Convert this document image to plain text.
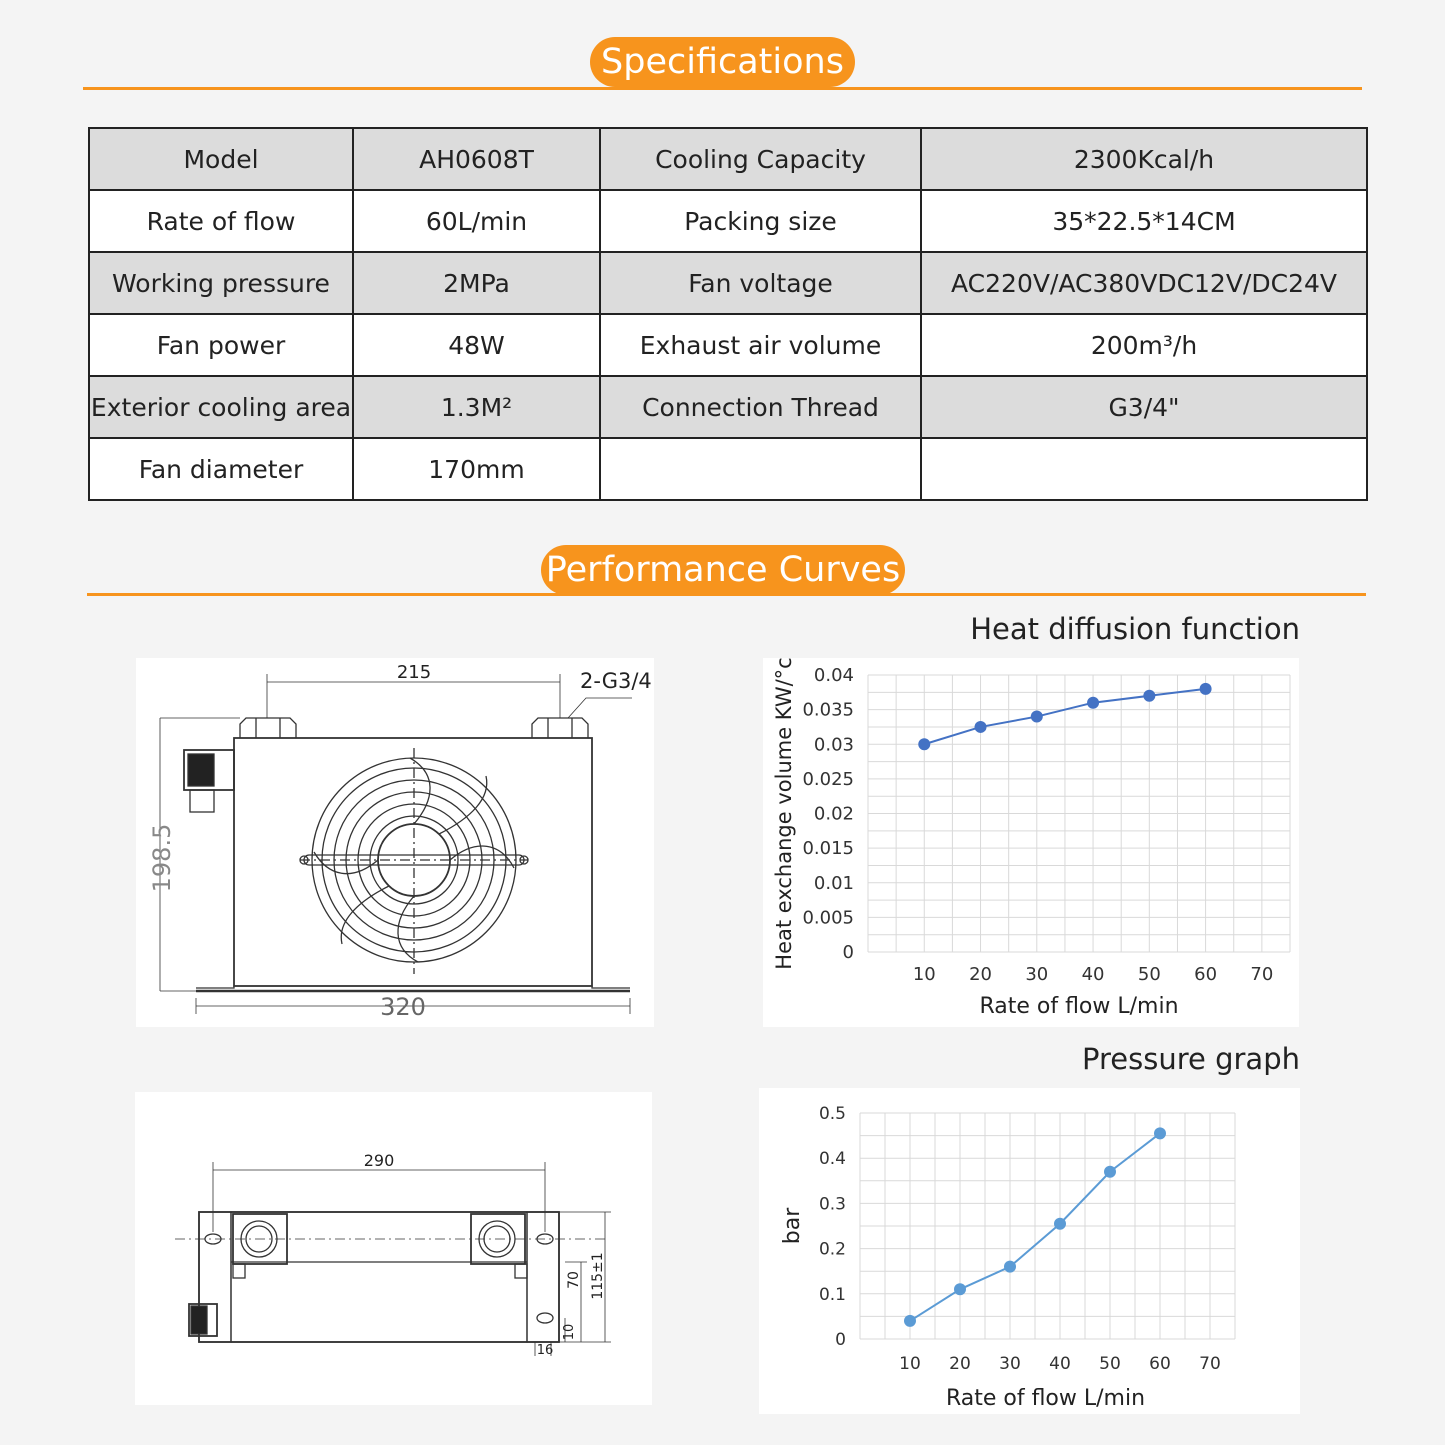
Specifications
Model	AH0608T	Cooling Capacity	2300Kcal/h
Rate of flow	60L/min	Packing size	35*22.5*14CM
Working pressure	2MPa	Fan voltage	AC220V/AC380VDC12V/DC24V
Fan power	48W	Exhaust air volume	200m³/h
Exterior cooling area	1.3M²	Connection Thread	G3/4"
Fan diameter	170mm		
Performance Curves
215	2-G3/4
198.5
320
290
70 115±1
10
16
Heat diffusion function
0
0.005
0.01
0.015
0.02
0.025
0.03
0.035
0.04
10 20 30 40 50 60 70
Rate of flow L/min
Heat exchange volume KW/°c
Pressure graph
0
0.1
0.2
0.3
0.4
0.5
10 20 30 40 50 60 70
Rate of flow L/min
bar
